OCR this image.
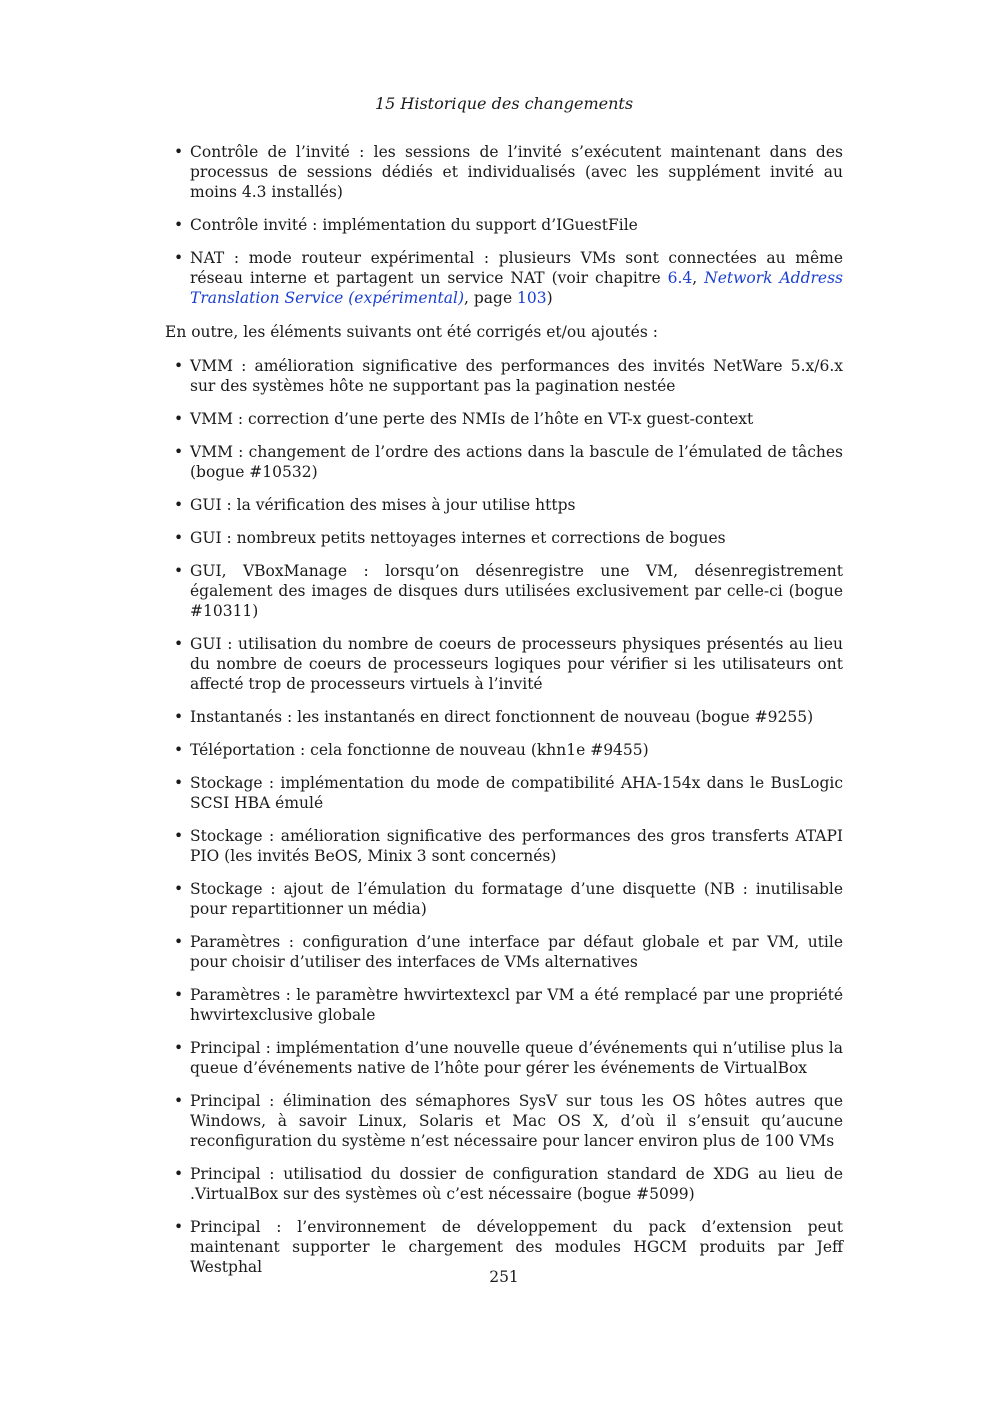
15 Historique des changements
• Contrôle de l’invité : les sessions de l’invité s’exécutent maintenant dans des processus de sessions dédiés et individualisés (avec les supplément invité au moins 4.3 installés)
• Contrôle invité : implémentation du support d’IGuestFile
• NAT : mode routeur expérimental : plusieurs VMs sont connectées au même réseau interne et partagent un service NAT (voir chapitre 6.4, Network Address Translation Service (expérimental), page 103)

En outre, les éléments suivants ont été corrigés et/ou ajoutés :

• VMM : amélioration significative des performances des invités NetWare 5.x/6.x sur des systèmes hôte ne supportant pas la pagination nestée
• VMM : correction d’une perte des NMIs de l’hôte en VT-x guest-context
• VMM : changement de l’ordre des actions dans la bascule de l’émulated de tâches (bogue #10532)
• GUI : la vérification des mises à jour utilise https
• GUI : nombreux petits nettoyages internes et corrections de bogues
• GUI, VBoxManage : lorsqu’on désenregistre une VM, désenregistrement également des images de disques durs utilisées exclusivement par celle-ci (bogue #10311)
• GUI : utilisation du nombre de coeurs de processeurs physiques présentés au lieu du nombre de coeurs de processeurs logiques pour vérifier si les utilisateurs ont affecté trop de processeurs virtuels à l’invité
• Instantanés : les instantanés en direct fonctionnent de nouveau (bogue #9255)
• Téléportation : cela fonctionne de nouveau (khn1e #9455)
• Stockage : implémentation du mode de compatibilité AHA-154x dans le BusLogic SCSI HBA émulé
• Stockage : amélioration significative des performances des gros transferts ATAPI PIO (les invités BeOS, Minix 3 sont concernés)
• Stockage : ajout de l’émulation du formatage d’une disquette (NB : inutilisable pour repartitionner un média)
• Paramètres : configuration d’une interface par défaut globale et par VM, utile pour choisir d’utiliser des interfaces de VMs alternatives
• Paramètres : le paramètre hwvirtextexcl par VM a été remplacé par une propriété hwvirtexclusive globale
• Principal : implémentation d’une nouvelle queue d’événements qui n’utilise plus la queue d’événements native de l’hôte pour gérer les événements de VirtualBox
• Principal : élimination des sémaphores SysV sur tous les OS hôtes autres que Windows, à savoir Linux, Solaris et Mac OS X, d’où il s’ensuit qu’aucune reconfiguration du système n’est nécessaire pour lancer environ plus de 100 VMs
• Principal : utilisatiod du dossier de configuration standard de XDG au lieu de .VirtualBox sur des systèmes où c’est nécessaire (bogue #5099)
• Principal : l’environnement de développement du pack d’extension peut maintenant supporter le chargement des modules HGCM produits par Jeff Westphal
251
